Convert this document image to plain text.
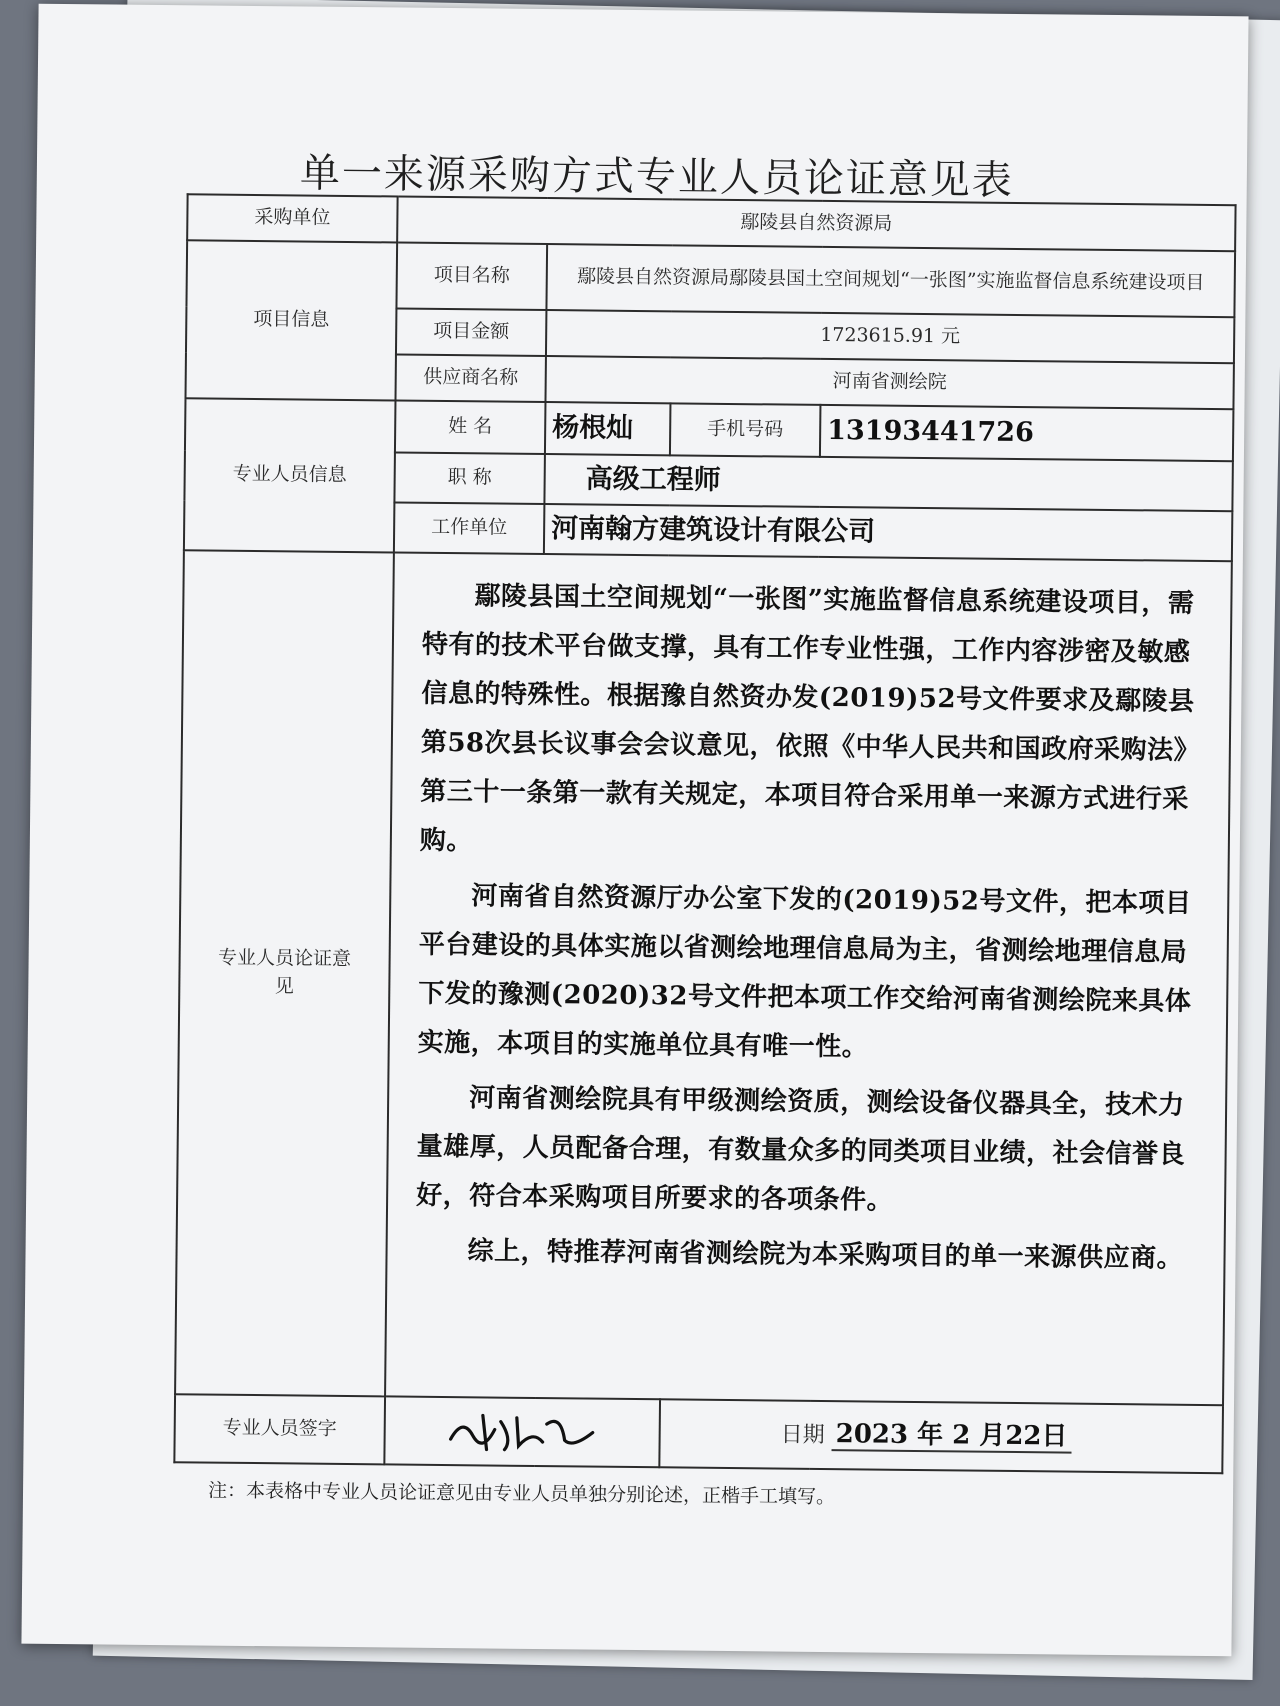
单一来源采购方式专业人员论证意见表
采购单位	鄢陵县自然资源局			
项目信息	项目名称	鄢陵县自然资源局鄢陵县国土空间规划“一张图”实施监督信息系统建设项目		
	项目金额	1723615.91 元		
	供应商名称	河南省测绘院		
专业人员信息	姓 名	杨根灿	手机号码	13193441726
	职 称	高级工程师		
	工作单位	河南翰方建筑设计有限公司		
专业人员论证意见	鄢陵县国土空间规划“一张图”实施监督信息系统建设项目，需特有的技术平台做支撑，具有工作专业性强，工作内容涉密及敏感信息的特殊性。根据豫自然资办发(2019)52号文件要求及鄢陵县第58次县长议事会会议意见，依照《中华人民共和国政府采购法》第三十一条第一款有关规定，本项目符合采用单一来源方式进行采购。

河南省自然资源厅办公室下发的(2019)52号文件，把本项目平台建设的具体实施以省测绘地理信息局为主，省测绘地理信息局下发的豫测(2020)32号文件把本项工作交给河南省测绘院来具体实施，本项目的实施单位具有唯一性。

河南省测绘院具有甲级测绘资质，测绘设备仪器具全，技术力量雄厚，人员配备合理，有数量众多的同类项目业绩，社会信誉良好，符合本采购项目所要求的各项条件。

综上，特推荐河南省测绘院为本采购项目的单一来源供应商。			

专业人员签字			日期 2023 年 2 月22日	
注：本表格中专业人员论证意见由专业人员单独分别论述，正楷手工填写。
